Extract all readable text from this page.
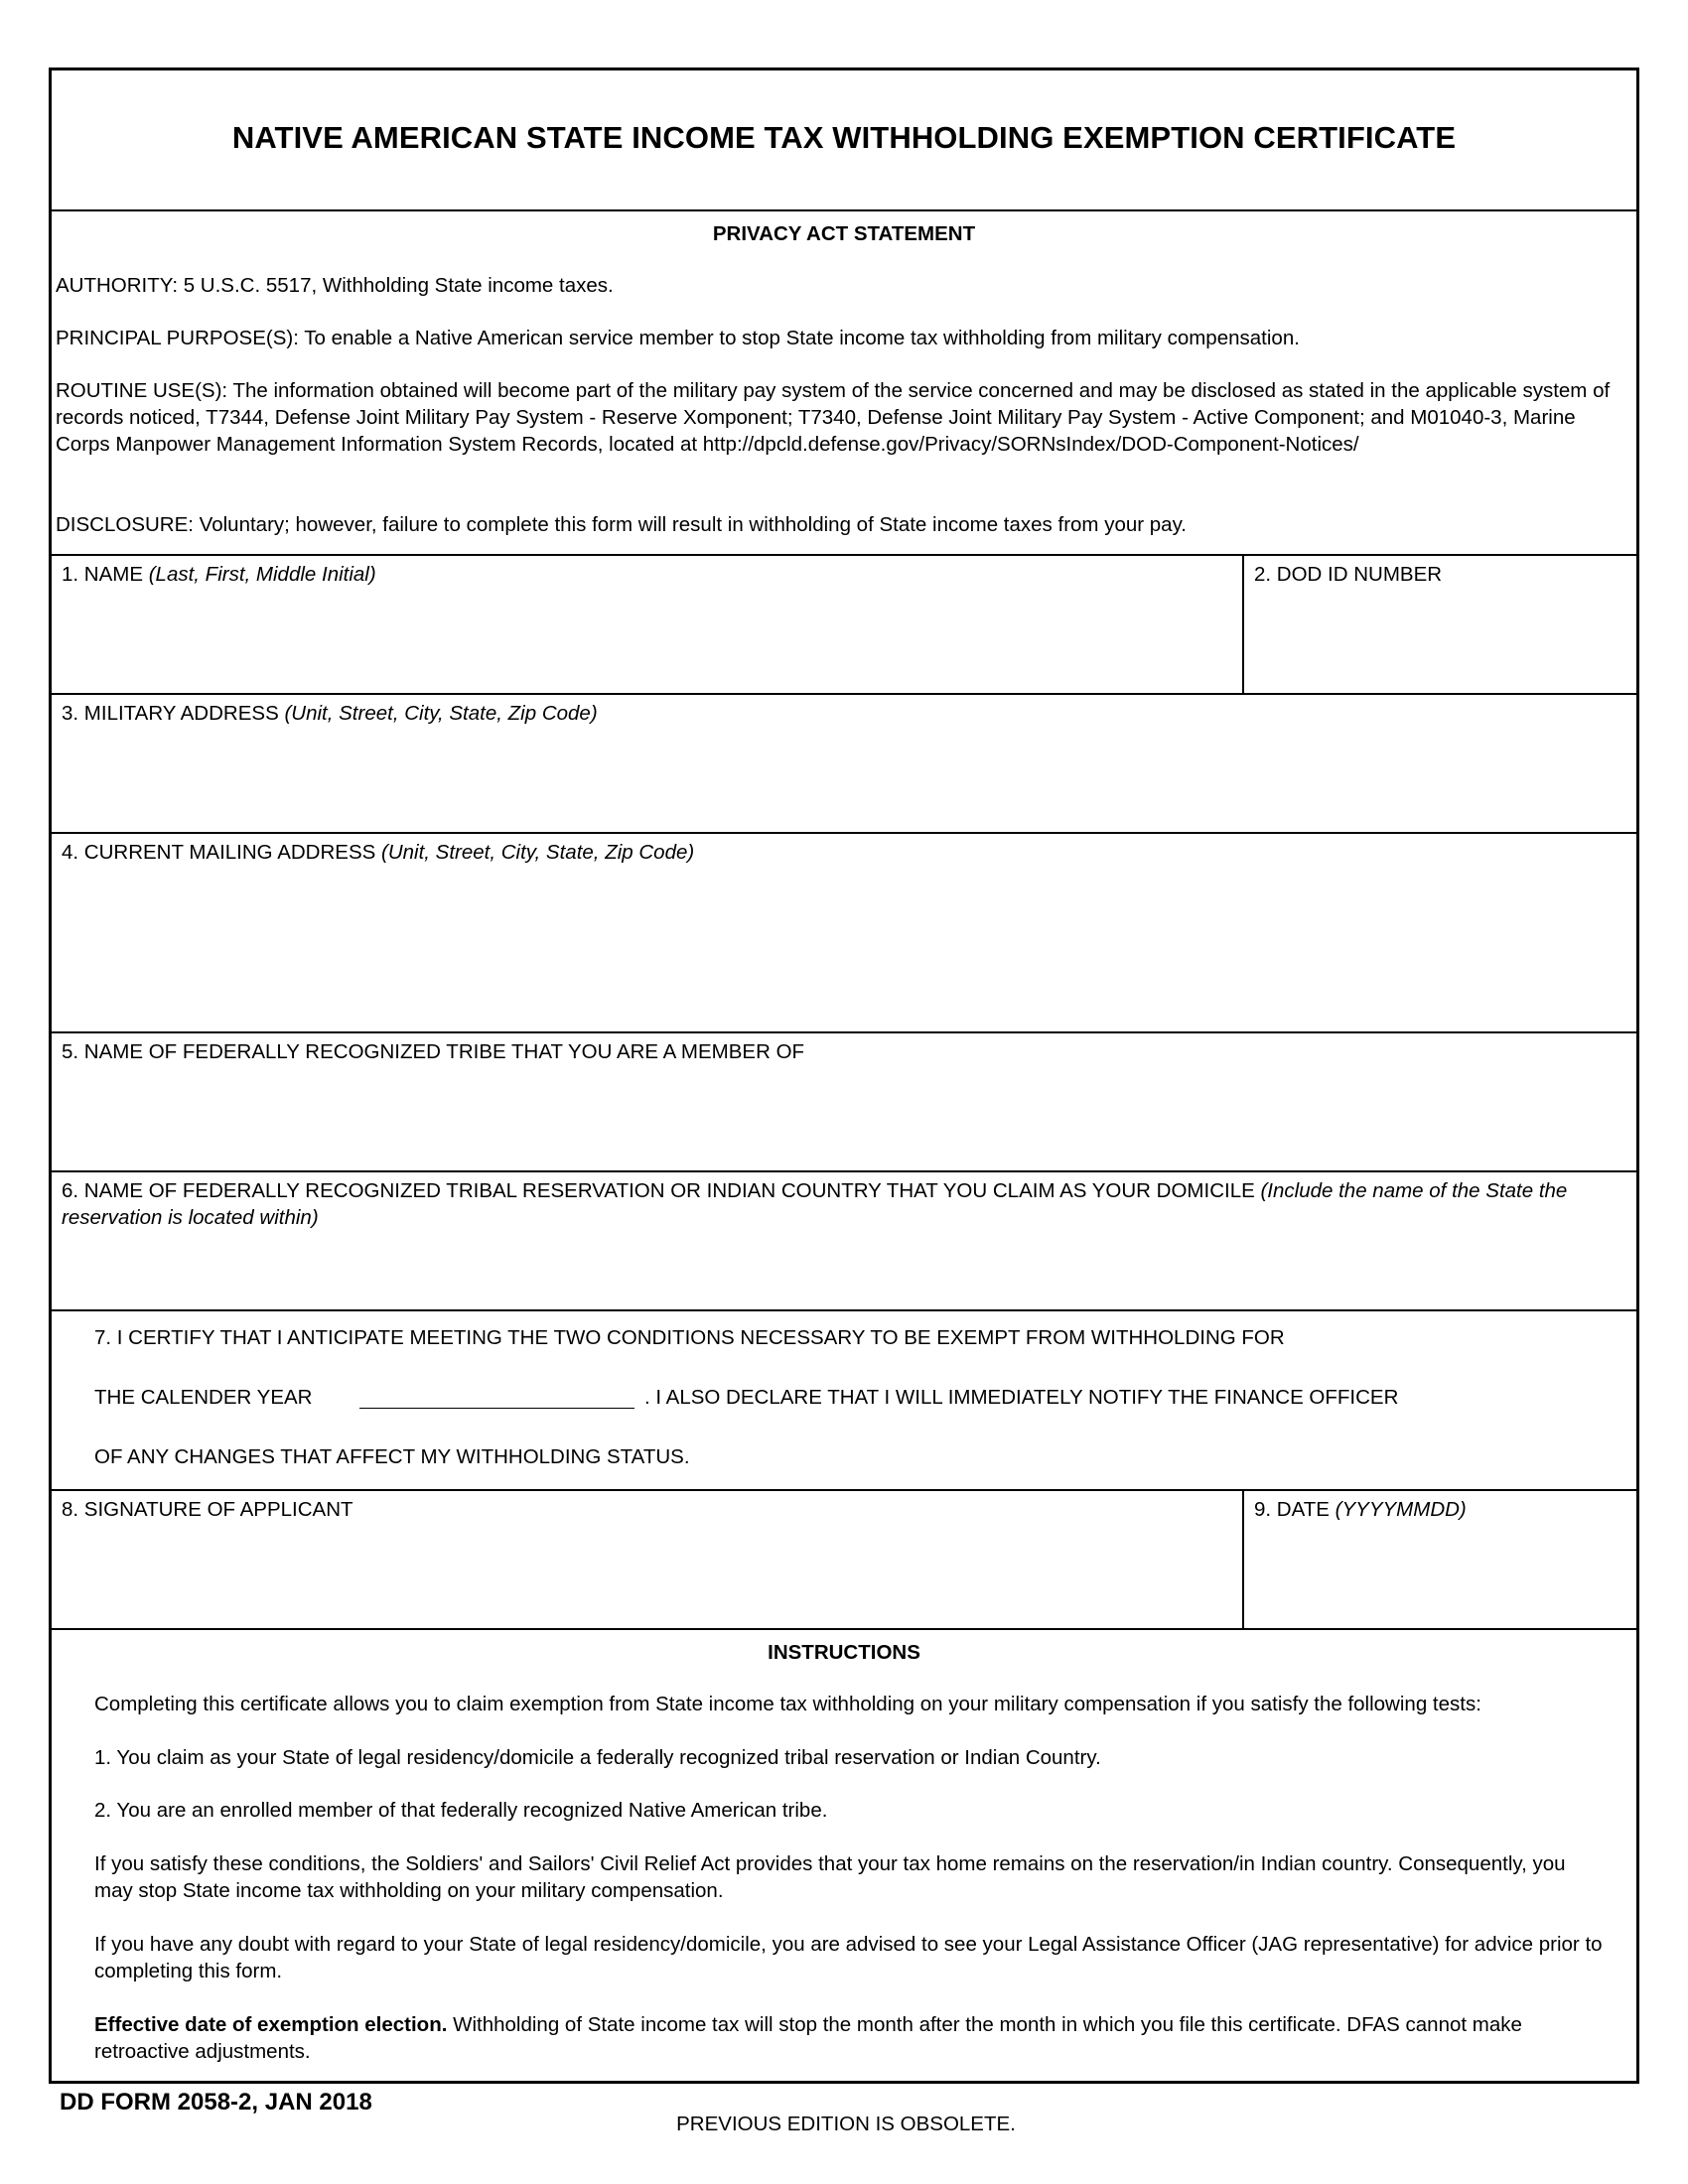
NATIVE AMERICAN STATE INCOME TAX WITHHOLDING EXEMPTION CERTIFICATE
PRIVACY ACT STATEMENT
AUTHORITY: 5 U.S.C. 5517, Withholding State income taxes.
PRINCIPAL PURPOSE(S): To enable a Native American service member to stop State income tax withholding from military compensation.
ROUTINE USE(S): The information obtained will become part of the military pay system of the service concerned and may be disclosed as stated in the applicable system of records noticed, T7344, Defense Joint Military Pay System - Reserve Xomponent; T7340, Defense Joint Military Pay System - Active Component; and M01040-3, Marine Corps Manpower Management Information System Records, located at http://dpcld.defense.gov/Privacy/SORNsIndex/DOD-Component-Notices/
DISCLOSURE: Voluntary; however, failure to complete this form will result in withholding of State income taxes from your pay.
1. NAME (Last, First, Middle Initial)	2. DOD ID NUMBER
3. MILITARY ADDRESS (Unit, Street, City, State, Zip Code)
4. CURRENT MAILING ADDRESS (Unit, Street, City, State, Zip Code)
5. NAME OF FEDERALLY RECOGNIZED TRIBE THAT YOU ARE A MEMBER OF
6. NAME OF FEDERALLY RECOGNIZED TRIBAL RESERVATION OR INDIAN COUNTRY THAT YOU CLAIM AS YOUR DOMICILE (Include the name of the State the reservation is located within)
7. I CERTIFY THAT I ANTICIPATE MEETING THE TWO CONDITIONS NECESSARY TO BE EXEMPT FROM WITHHOLDING FOR
THE CALENDER YEAR	. I ALSO DECLARE THAT I WILL IMMEDIATELY NOTIFY THE FINANCE OFFICER
OF ANY CHANGES THAT AFFECT MY WITHHOLDING STATUS.
8. SIGNATURE OF APPLICANT	9. DATE (YYYYMMDD)
INSTRUCTIONS
Completing this certificate allows you to claim exemption from State income tax withholding on your military compensation if you satisfy the following tests:
1. You claim as your State of legal residency/domicile a federally recognized tribal reservation or Indian Country.
2. You are an enrolled member of that federally recognized Native American tribe.
If you satisfy these conditions, the Soldiers' and Sailors' Civil Relief Act provides that your tax home remains on the reservation/in Indian country. Consequently, you may stop State income tax withholding on your military compensation.
If you have any doubt with regard to your State of legal residency/domicile, you are advised to see your Legal Assistance Officer (JAG representative) for advice prior to completing this form.
Effective date of exemption election. Withholding of State income tax will stop the month after the month in which you file this certificate. DFAS cannot make retroactive adjustments.
DD FORM 2058-2, JAN 2018
PREVIOUS EDITION IS OBSOLETE.
